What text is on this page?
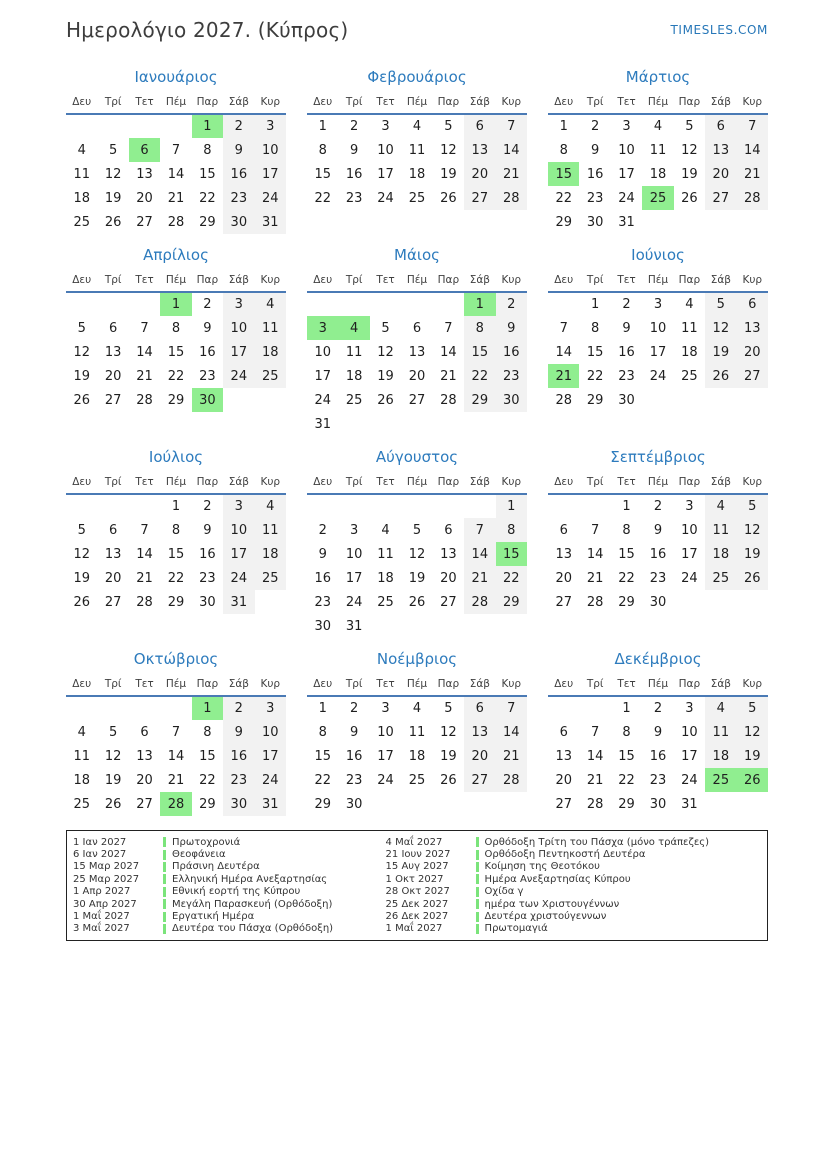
Ημερολόγιο 2027. (Κύπρος)	TIMESLES.COM
Ιανουάριος
Δευ	Τρί	Τετ	Πέμ	Παρ	Σάβ	Κυρ
				1	2	3
4	5	6	7	8	9	10
11	12	13	14	15	16	17
18	19	20	21	22	23	24
25	26	27	28	29	30	31
Φεβρουάριος
Δευ	Τρί	Τετ	Πέμ	Παρ	Σάβ	Κυρ
1	2	3	4	5	6	7
8	9	10	11	12	13	14
15	16	17	18	19	20	21
22	23	24	25	26	27	28
Μάρτιος
Δευ	Τρί	Τετ	Πέμ	Παρ	Σάβ	Κυρ
1	2	3	4	5	6	7
8	9	10	11	12	13	14
15	16	17	18	19	20	21
22	23	24	25	26	27	28
29	30	31				
Απρίλιος
Δευ	Τρί	Τετ	Πέμ	Παρ	Σάβ	Κυρ
			1	2	3	4
5	6	7	8	9	10	11
12	13	14	15	16	17	18
19	20	21	22	23	24	25
26	27	28	29	30		
Μάιος
Δευ	Τρί	Τετ	Πέμ	Παρ	Σάβ	Κυρ
					1	2
3	4	5	6	7	8	9
10	11	12	13	14	15	16
17	18	19	20	21	22	23
24	25	26	27	28	29	30
31						
Ιούνιος
Δευ	Τρί	Τετ	Πέμ	Παρ	Σάβ	Κυρ
	1	2	3	4	5	6
7	8	9	10	11	12	13
14	15	16	17	18	19	20
21	22	23	24	25	26	27
28	29	30				
Ιούλιος
Δευ	Τρί	Τετ	Πέμ	Παρ	Σάβ	Κυρ
			1	2	3	4
5	6	7	8	9	10	11
12	13	14	15	16	17	18
19	20	21	22	23	24	25
26	27	28	29	30	31	
Αύγουστος
Δευ	Τρί	Τετ	Πέμ	Παρ	Σάβ	Κυρ
						1
2	3	4	5	6	7	8
9	10	11	12	13	14	15
16	17	18	19	20	21	22
23	24	25	26	27	28	29
30	31					
Σεπτέμβριος
Δευ	Τρί	Τετ	Πέμ	Παρ	Σάβ	Κυρ
		1	2	3	4	5
6	7	8	9	10	11	12
13	14	15	16	17	18	19
20	21	22	23	24	25	26
27	28	29	30			
Οκτώβριος
Δευ	Τρί	Τετ	Πέμ	Παρ	Σάβ	Κυρ
				1	2	3
4	5	6	7	8	9	10
11	12	13	14	15	16	17
18	19	20	21	22	23	24
25	26	27	28	29	30	31
Νοέμβριος
Δευ	Τρί	Τετ	Πέμ	Παρ	Σάβ	Κυρ
1	2	3	4	5	6	7
8	9	10	11	12	13	14
15	16	17	18	19	20	21
22	23	24	25	26	27	28
29	30					
Δεκέμβριος
Δευ	Τρί	Τετ	Πέμ	Παρ	Σάβ	Κυρ
		1	2	3	4	5
6	7	8	9	10	11	12
13	14	15	16	17	18	19
20	21	22	23	24	25	26
27	28	29	30	31		
1 Ιαν 2027	Πρωτοχρονιά
6 Ιαν 2027	Θεοφάνεια
15 Μαρ 2027	Πράσινη Δευτέρα
25 Μαρ 2027	Ελληνική Ημέρα Ανεξαρτησίας
1 Απρ 2027	Εθνική εορτή της Κύπρου
30 Απρ 2027	Μεγάλη Παρασκευή (Ορθόδοξη)
1 Μαΐ 2027	Εργατική Ημέρα
3 Μαΐ 2027	Δευτέρα του Πάσχα (Ορθόδοξη)
4 Μαΐ 2027	Ορθόδοξη Τρίτη του Πάσχα (μόνο τράπεζες)
21 Ιουν 2027	Ορθόδοξη Πεντηκοστή Δευτέρα
15 Αυγ 2027	Κοίμηση της Θεοτόκου
1 Οκτ 2027	Ημέρα Ανεξαρτησίας Κύπρου
28 Οκτ 2027	Οχίδα γ
25 Δεκ 2027	ημέρα των Χριστουγέννων
26 Δεκ 2027	Δευτέρα χριστούγεννων
1 Μαΐ 2027	Πρωτομαγιά
